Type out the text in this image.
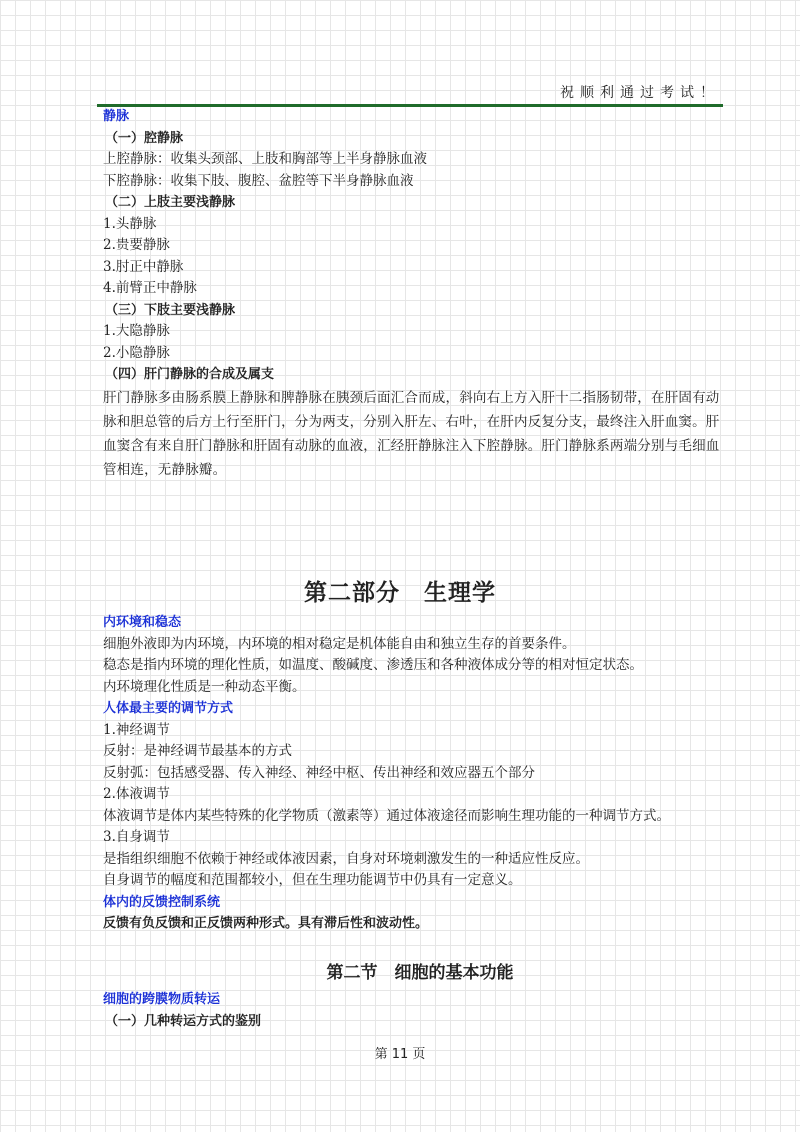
祝顺利通过考试！
静脉
（一）腔静脉
上腔静脉：收集头颈部、上肢和胸部等上半身静脉血液
下腔静脉：收集下肢、腹腔、盆腔等下半身静脉血液
（二）上肢主要浅静脉
1.头静脉
2.贵要静脉
3.肘正中静脉
4.前臂正中静脉
（三）下肢主要浅静脉
1.大隐静脉
2.小隐静脉
（四）肝门静脉的合成及属支
肝门静脉多由肠系膜上静脉和脾静脉在胰颈后面汇合而成，斜向右上方入肝十二指肠韧带，在肝固有动脉和胆总管的后方上行至肝门，分为两支，分别入肝左、右叶，在肝内反复分支，最终注入肝血窦。肝血窦含有来自肝门静脉和肝固有动脉的血液，汇经肝静脉注入下腔静脉。肝门静脉系两端分别与毛细血管相连，无静脉瓣。
第二部分　生理学
内环境和稳态
细胞外液即为内环境，内环境的相对稳定是机体能自由和独立生存的首要条件。
稳态是指内环境的理化性质，如温度、酸碱度、渗透压和各种液体成分等的相对恒定状态。
内环境理化性质是一种动态平衡。
人体最主要的调节方式
1.神经调节
反射：是神经调节最基本的方式
反射弧：包括感受器、传入神经、神经中枢、传出神经和效应器五个部分
2.体液调节
体液调节是体内某些特殊的化学物质（激素等）通过体液途径而影响生理功能的一种调节方式。
3.自身调节
是指组织细胞不依赖于神经或体液因素，自身对环境刺激发生的一种适应性反应。
自身调节的幅度和范围都较小，但在生理功能调节中仍具有一定意义。
体内的反馈控制系统
反馈有负反馈和正反馈两种形式。具有滞后性和波动性。
第二节　细胞的基本功能
细胞的跨膜物质转运
（一）几种转运方式的鉴别
第 11 页
